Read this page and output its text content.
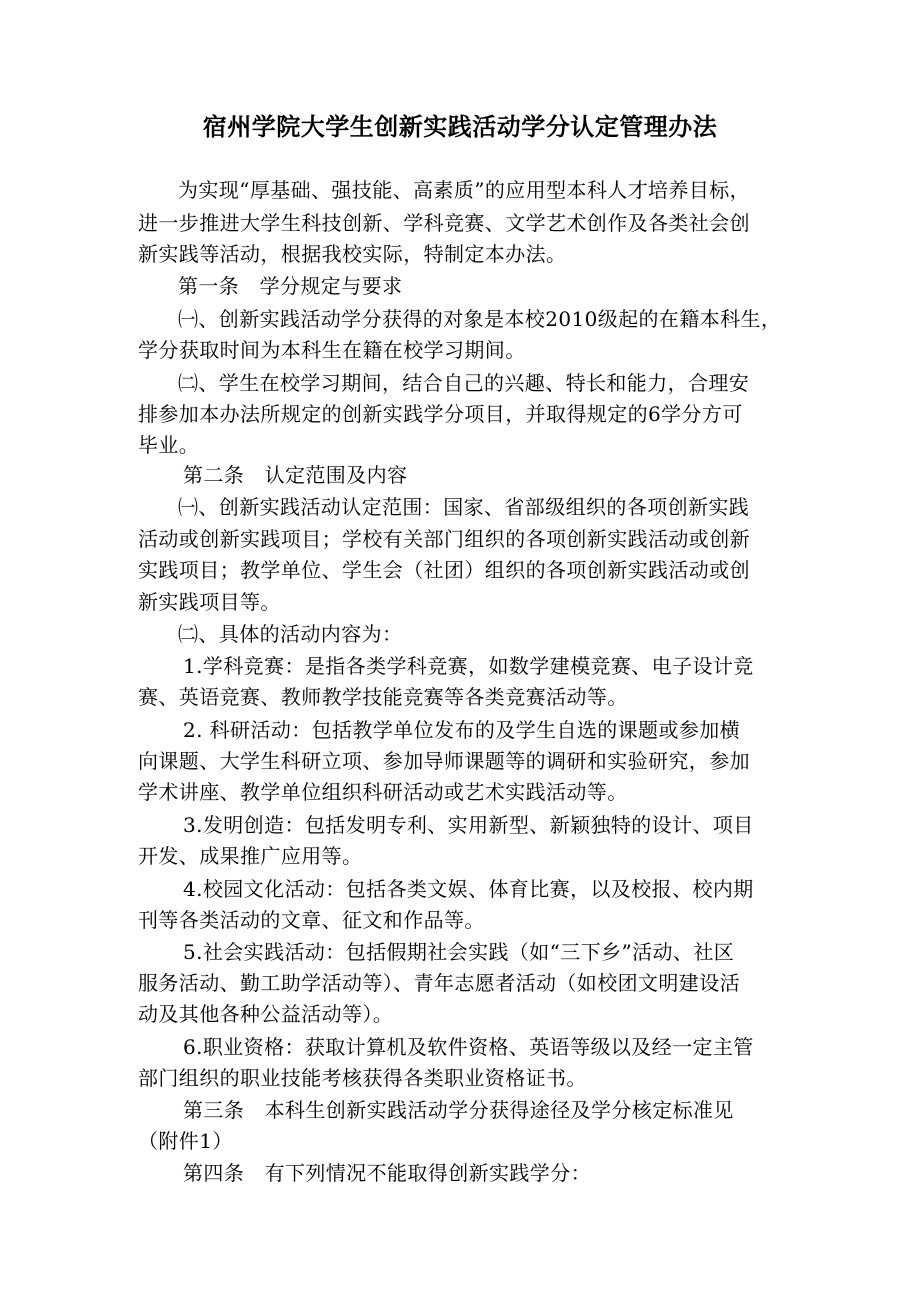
宿州学院大学生创新实践活动学分认定管理办法
为实现“厚基础、强技能、高素质”的应用型本科人才培养目标，
进一步推进大学生科技创新、学科竞赛、文学艺术创作及各类社会创
新实践等活动，根据我校实际，特制定本办法。
第一条　学分规定与要求
㈠、创新实践活动学分获得的对象是本校2010级起的在籍本科生，
学分获取时间为本科生在籍在校学习期间。
㈡、学生在校学习期间，结合自己的兴趣、特长和能力，合理安
排参加本办法所规定的创新实践学分项目，并取得规定的6学分方可
毕业。
第二条　认定范围及内容
㈠、创新实践活动认定范围：国家、省部级组织的各项创新实践
活动或创新实践项目；学校有关部门组织的各项创新实践活动或创新
实践项目；教学单位、学生会（社团）组织的各项创新实践活动或创
新实践项目等。
㈡、具体的活动内容为：
1.学科竞赛：是指各类学科竞赛，如数学建模竞赛、电子设计竞
赛、英语竞赛、教师教学技能竞赛等各类竞赛活动等。
2. 科研活动：包括教学单位发布的及学生自选的课题或参加横
向课题、大学生科研立项、参加导师课题等的调研和实验研究，参加
学术讲座、教学单位组织科研活动或艺术实践活动等。
3.发明创造：包括发明专利、实用新型、新颖独特的设计、项目
开发、成果推广应用等。
4.校园文化活动：包括各类文娱、体育比赛，以及校报、校内期
刊等各类活动的文章、征文和作品等。
5.社会实践活动：包括假期社会实践（如“三下乡”活动、社区
服务活动、勤工助学活动等）、青年志愿者活动（如校团文明建设活
动及其他各种公益活动等）。
6.职业资格：获取计算机及软件资格、英语等级以及经一定主管
部门组织的职业技能考核获得各类职业资格证书。
第三条　本科生创新实践活动学分获得途径及学分核定标准见
（附件1）
第四条　有下列情况不能取得创新实践学分：
